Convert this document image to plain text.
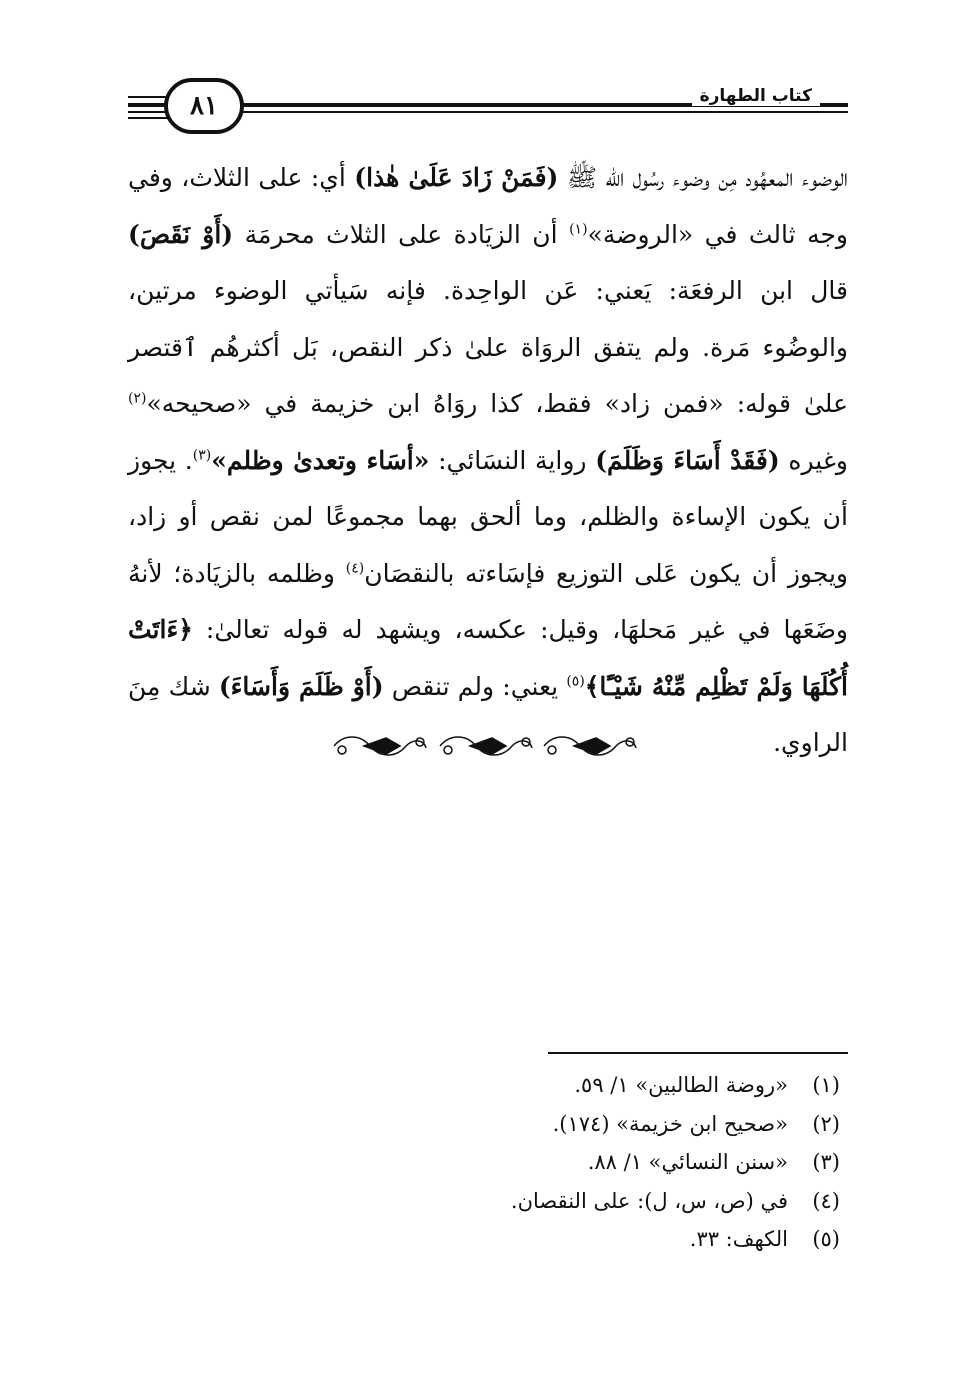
٨١	كتاب الطهارة

الوضوء المعهُود مِن وضوء رسُول الله ﷺ (فَمَنْ زَادَ عَلَىٰ هٰذا) أي: على الثلاث، وفي وجه ثالث في «الروضة»$^{(١)}$ أن الزيَادة على الثلاث محرمَة (أَوْ نَقَصَ) قال ابن الرفعَة: يَعني: عَن الواحِدة. فإنه سَيأتي الوضوء مرتين، والوضُوء مَرة. ولم يتفق الروَاة علىٰ ذكر النقص، بَل أكثرهُم ٱقتصر علىٰ قوله: «فمن زاد» فقط، كذا روَاهُ ابن خزيمة في «صحيحه»$^{(٢)}$ وغيره (فَقَدْ أَسَاءَ وَظَلَمَ) رواية النسَائي: «أسَاء وتعدىٰ وظلم»$^{(٣)}$. يجوز أن يكون الإساءة والظلم، وما ألحق بهما مجموعًا لمن نقص أو زاد، ويجوز أن يكون عَلى التوزيع فإسَاءته بالنقصَان$^{(٤)}$ وظلمه بالزيَادة؛ لأنهُ وضَعَها في غير مَحلهَا، وقيل: عكسه، ويشهد له قوله تعالىٰ: ﴿ءَاتَتْ أُكُلَهَا وَلَمْ تَظْلِم مِّنْهُ شَيْـًٔا﴾$^{(٥)}$ يعني: ولم تنقص (أَوْ ظَلَمَ وَأَسَاءَ) شك مِنَ الراوي.

(١)«روضة الطالبين» ١/ ٥٩.

(٢)«صحيح ابن خزيمة» (١٧٤).

(٣)«سنن النسائي» ١/ ٨٨.

(٤)في (ص، س، ل): على النقصان.

(٥)الكهف: ٣٣.
